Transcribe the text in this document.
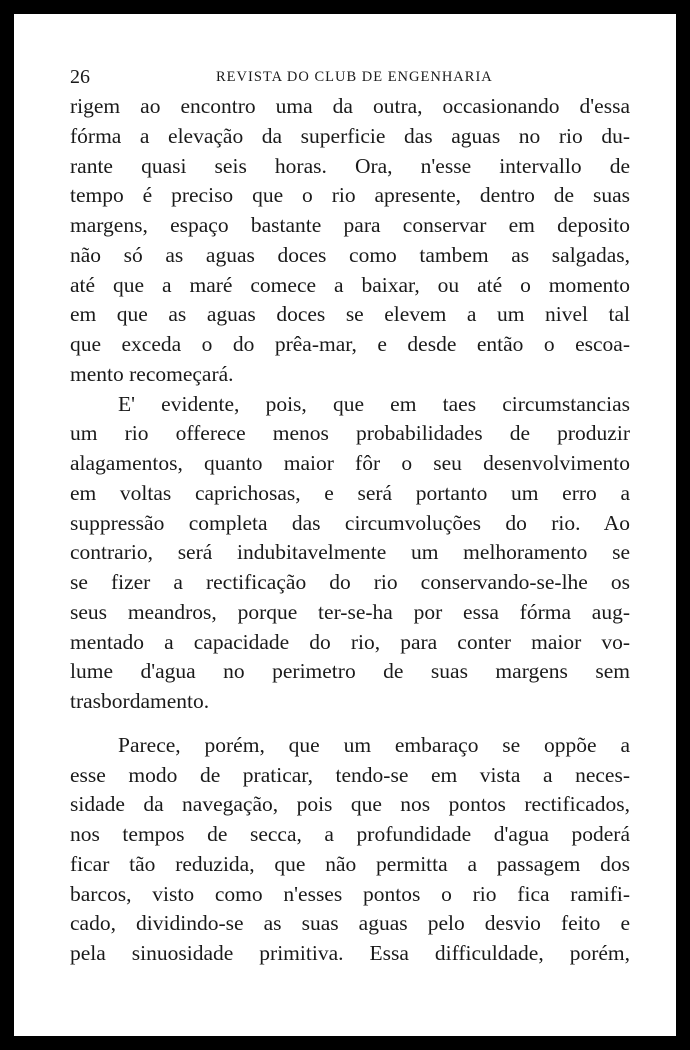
26	REVISTA DO CLUB DE ENGENHARIA
rigem ao encontro uma da outra, occasionando d'essa
fórma a elevação da superficie das aguas no rio du-
rante quasi seis horas. Ora, n'esse intervallo de
tempo é preciso que o rio apresente, dentro de suas
margens, espaço bastante para conservar em deposito
não só as aguas doces como tambem as salgadas,
até que a maré comece a baixar, ou até o momento
em que as aguas doces se elevem a um nivel tal
que exceda o do prêa-mar, e desde então o escoa-
mento recomeçará.
E' evidente, pois, que em taes circumstancias
um rio offerece menos probabilidades de produzir
alagamentos, quanto maior fôr o seu desenvolvimento
em voltas caprichosas, e será portanto um erro a
suppressão completa das circumvoluções do rio. Ao
contrario, será indubitavelmente um melhoramento se
se fizer a rectificação do rio conservando-se-lhe os
seus meandros, porque ter-se-ha por essa fórma aug-
mentado a capacidade do rio, para conter maior vo-
lume d'agua no perimetro de suas margens sem
trasbordamento.
Parece, porém, que um embaraço se oppõe a
esse modo de praticar, tendo-se em vista a neces-
sidade da navegação, pois que nos pontos rectificados,
nos tempos de secca, a profundidade d'agua poderá
ficar tão reduzida, que não permitta a passagem dos
barcos, visto como n'esses pontos o rio fica ramifi-
cado, dividindo-se as suas aguas pelo desvio feito e
pela sinuosidade primitiva. Essa difficuldade, porém,
